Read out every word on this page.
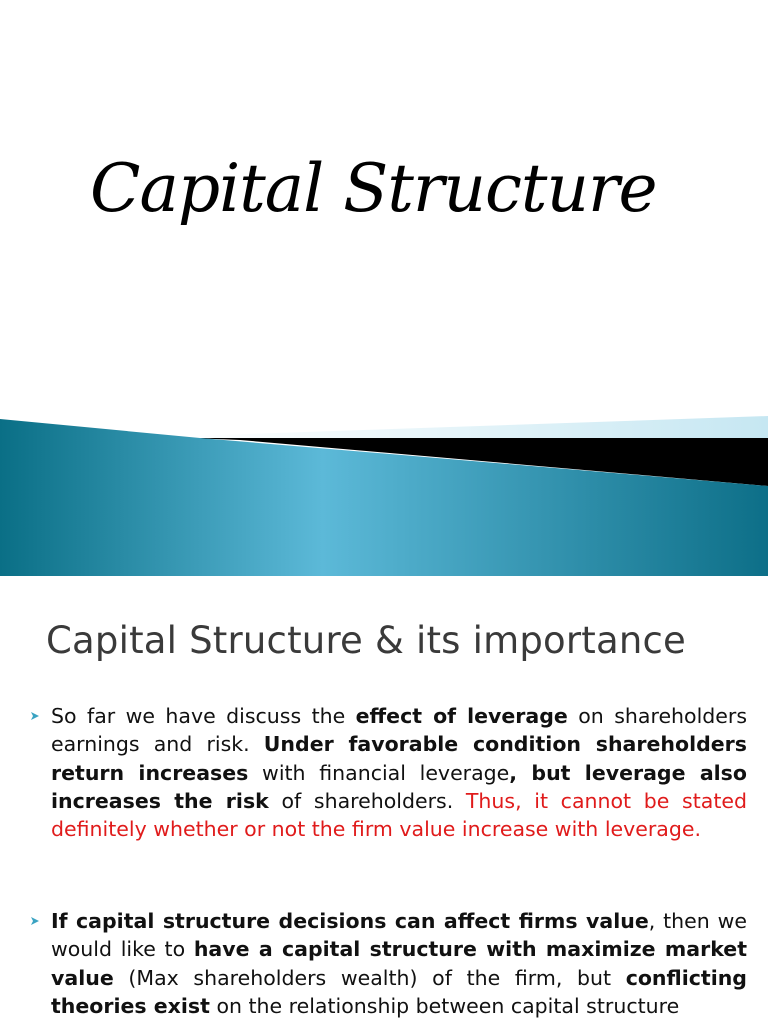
Capital Structure
Capital Structure & its importance
So far we have discuss the effect of leverage on shareholders earnings and risk. Under favorable condition shareholders return increases with financial leverage, but leverage also increases the risk of shareholders. Thus, it cannot be stated definitely whether or not the firm value increase with leverage.
If capital structure decisions can affect firms value, then we would like to have a capital structure with maximize market value (Max shareholders wealth) of the firm, but conflicting theories exist on the relationship between capital structure
